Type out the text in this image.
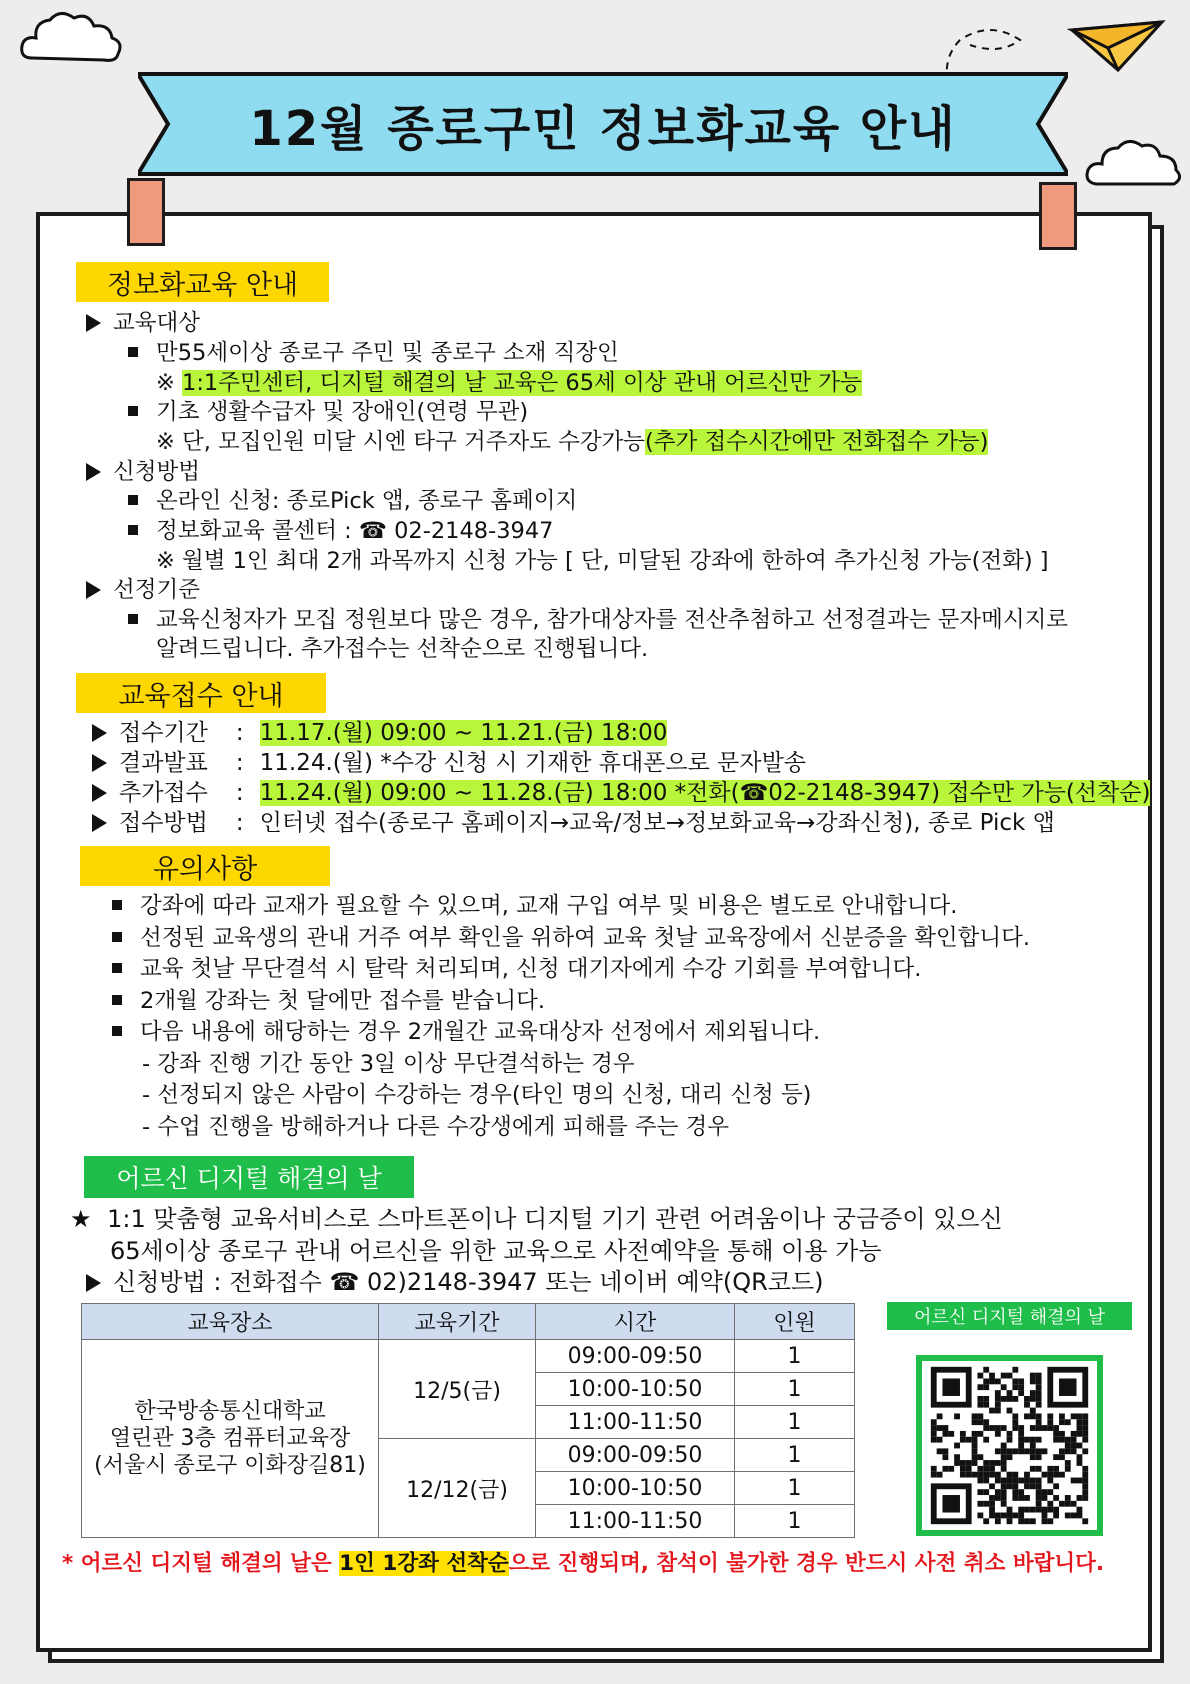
12월 종로구민 정보화교육 안내
정보화교육 안내
교육대상
만55세이상 종로구 주민 및 종로구 소재 직장인
※ 1:1주민센터, 디지털 해결의 날 교육은 65세 이상 관내 어르신만 가능
기초 생활수급자 및 장애인(연령 무관)
※ 단, 모집인원 미달 시엔 타구 거주자도 수강가능(추가 접수시간에만 전화접수 가능)
신청방법
온라인 신청: 종로Pick 앱, 종로구 홈페이지
정보화교육 콜센터 : ☎ 02-2148-3947
※ 월별 1인 최대 2개 과목까지 신청 가능 [ 단, 미달된 강좌에 한하여 추가신청 가능(전화) ]
선정기준
교육신청자가 모집 정원보다 많은 경우, 참가대상자를 전산추첨하고 선정결과는 문자메시지로
알려드립니다. 추가접수는 선착순으로 진행됩니다.
교육접수 안내
접수기간 : 11.17.(월) 09:00 ~ 11.21.(금) 18:00
결과발표 : 11.24.(월) *수강 신청 시 기재한 휴대폰으로 문자발송
추가접수 : 11.24.(월) 09:00 ~ 11.28.(금) 18:00 *전화(☎02-2148-3947) 접수만 가능(선착순)
접수방법 : 인터넷 접수(종로구 홈페이지→교육/정보→정보화교육→강좌신청), 종로 Pick 앱
유의사항
강좌에 따라 교재가 필요할 수 있으며, 교재 구입 여부 및 비용은 별도로 안내합니다.
선정된 교육생의 관내 거주 여부 확인을 위하여 교육 첫날 교육장에서 신분증을 확인합니다.
교육 첫날 무단결석 시 탈락 처리되며, 신청 대기자에게 수강 기회를 부여합니다.
2개월 강좌는 첫 달에만 접수를 받습니다.
다음 내용에 해당하는 경우 2개월간 교육대상자 선정에서 제외됩니다.
- 강좌 진행 기간 동안 3일 이상 무단결석하는 경우
- 선정되지 않은 사람이 수강하는 경우(타인 명의 신청, 대리 신청 등)
- 수업 진행을 방해하거나 다른 수강생에게 피해를 주는 경우
어르신 디지털 해결의 날
★ 1:1 맞춤형 교육서비스로 스마트폰이나 디지털 기기 관련 어려움이나 궁금증이 있으신
65세이상 종로구 관내 어르신을 위한 교육으로 사전예약을 통해 이용 가능
신청방법 : 전화접수 ☎ 02)2148-3947 또는 네이버 예약(QR코드)
교육장소	교육기간	시간	인원

한국방송통신대학교
열린관 3층 컴퓨터교육장
(서울시 종로구 이화장길81)	12/5(금)	09:00-09:50	1
		10:00-10:50	1
		11:00-11:50	1
	12/12(금)	09:00-09:50	1
		10:00-10:50	1
		11:00-11:50	1
어르신 디지털 해결의 날
* 어르신 디지털 해결의 날은 1인 1강좌 선착순으로 진행되며, 참석이 불가한 경우 반드시 사전 취소 바랍니다.
